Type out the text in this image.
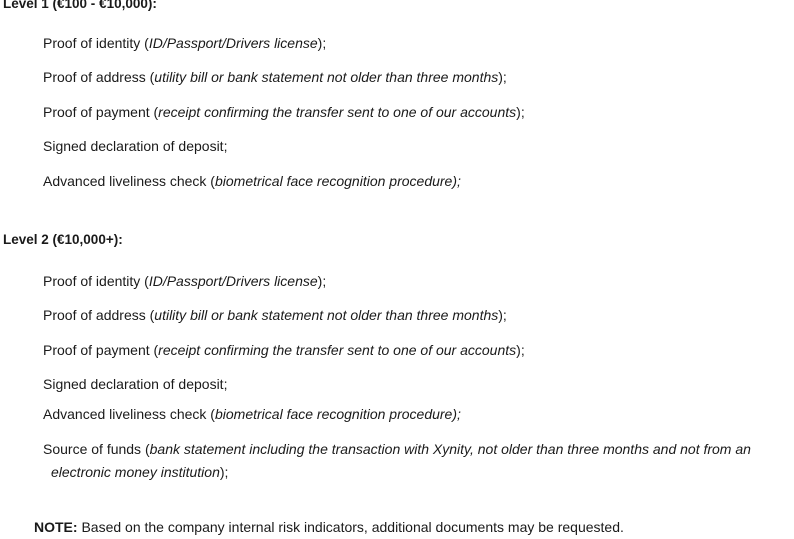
Level 1 (€100 - €10,000):
Proof of identity (ID/Passport/Drivers license);
Proof of address (utility bill or bank statement not older than three months);
Proof of payment (receipt confirming the transfer sent to one of our accounts);
Signed declaration of deposit;
Advanced liveliness check (biometrical face recognition procedure);
Level 2 (€10,000+):
Proof of identity (ID/Passport/Drivers license);
Proof of address (utility bill or bank statement not older than three months);
Proof of payment (receipt confirming the transfer sent to one of our accounts);
Signed declaration of deposit;
Advanced liveliness check (biometrical face recognition procedure);
Source of funds (bank statement including the transaction with Xynity, not older than three months and not from an
electronic money institution);
NOTE: Based on the company internal risk indicators, additional documents may be requested.
